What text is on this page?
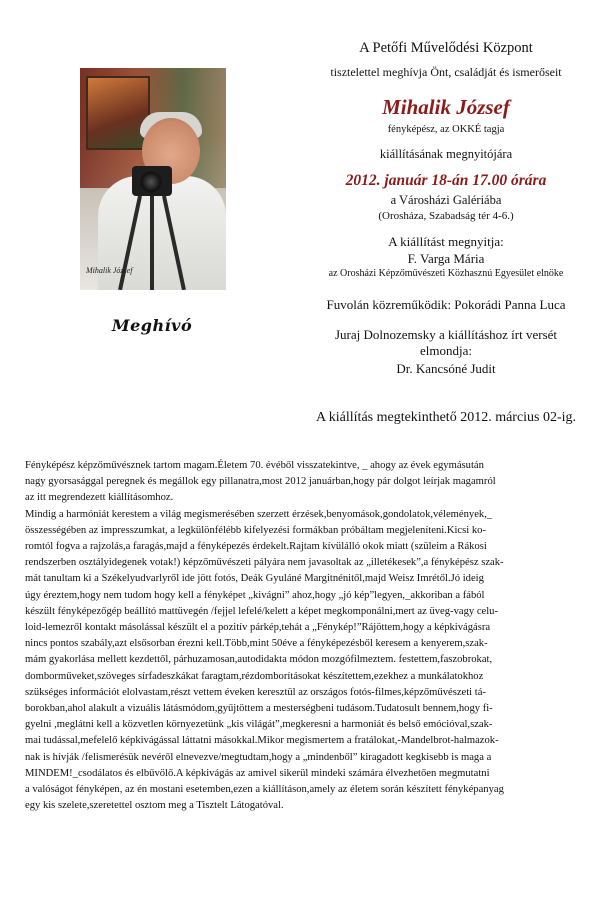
Mihalik József
Meghívó
A Petőfi Művelődési Központ
tisztelettel meghívja Önt, családját és ismerőseit
Mihalik József
fényképész, az OKKÉ tagja
kiállításának megnyitójára
2012. január 18-án 17.00 órára
a Városházi Galériába
(Orosháza, Szabadság tér 4-6.)
A kiállítást megnyitja:
F. Varga Mária
az Orosházi Képzőművészeti Közhasznú Egyesület elnöke
Fuvolán közreműködik: Pokorádi Panna Luca
Juraj Dolnozemsky a kiállításhoz írt versét
elmondja:
Dr. Kancsóné Judit
A kiállítás megtekinthető 2012. március 02-ig.

Fényképész képzőművésznek tartom magam.Életem 70. évéből visszatekintve, _ ahogy az évek egymásután

nagy gyorsasággal peregnek és megállok egy pillanatra,most 2012 januárban,hogy pár dolgot leírjak magamról

az itt megrendezett kiállításomhoz.

Mindig a harmóniát kerestem a világ megismerésében szerzett érzések,benyomások,gondolatok,vélemények,_

összességében az impresszumkat, a legkülönfélébb kifelyezési formákban próbáltam megjeleníteni.Kicsi ko-

romtól fogva a rajzolás,a faragás,majd a fényképezés érdekelt.Rajtam kívülálló okok miatt (szüleim a Rákosi

rendszerben osztályidegenek votak!) képzőművészeti pályára nem javasoltak az „illetékesek”,a fényképész szak-

mát tanultam ki a Székelyudvarlyről ide jött fotós, Deák Gyuláné Margitnénitől,majd Weisz Imrétől.Jó ideig

úgy éreztem,hogy nem tudom hogy kell a fényképet „kivágni” ahoz,hogy „jó kép”legyen,_akkoriban a fából

készült fényképezőgép beállító mattüvegén /fejjel lefelé/kelett a képet megkomponálni,mert az üveg-vagy celu-

loid-lemezről kontakt másolással készült el a pozitív párkép,tehát a „Fénykép!”Rájöttem,hogy a képkivágásra

nincs pontos szabály,azt elsősorban érezni kell.Több,mint 50éve a fényképezésből keresem a kenyerem,szak-

mám gyakorlása mellett kezdettől, párhuzamosan,autodidakta módon mozgófilmeztem. festettem,faszobrokat,

domborműveket,szöveges sírfadeszkákat faragtam,rézdomborításokat készítettem,ezekhez a munkálatokhoz

szükséges információt elolvastam,részt vettem éveken keresztül az országos fotós-filmes,képzőművészeti tá-

borokban,ahol alakult a vizuális látásmódom,gyűjtöttem a mesterségbeni tudásom.Tudatosult bennem,hogy fi-

gyelni ,meglátni kell a közvetlen környezetünk „kis világát”,megkeresni a harmoniát és belső emócióval,szak-

mai tudással,mefelelő képkivágással láttatni másokkal.Mikor megismertem a fratálokat,-Mandelbrot-halmazok-

nak is hívják /felismerésük nevéről elnevezve/megtudtam,hogy a „mindenből” kiragadott kegkisebb is maga a

MINDEM!_csodálatos és elbűvölő.A képkivágás az amivel sikerül mindeki számára élvezhetően megmutatni

a valóságot fényképen, az én mostani esetemben,ezen a kiállításon,amely az életem során készített fényképanyag

egy kis szelete,szeretettel osztom meg a Tisztelt Látogatóval.
